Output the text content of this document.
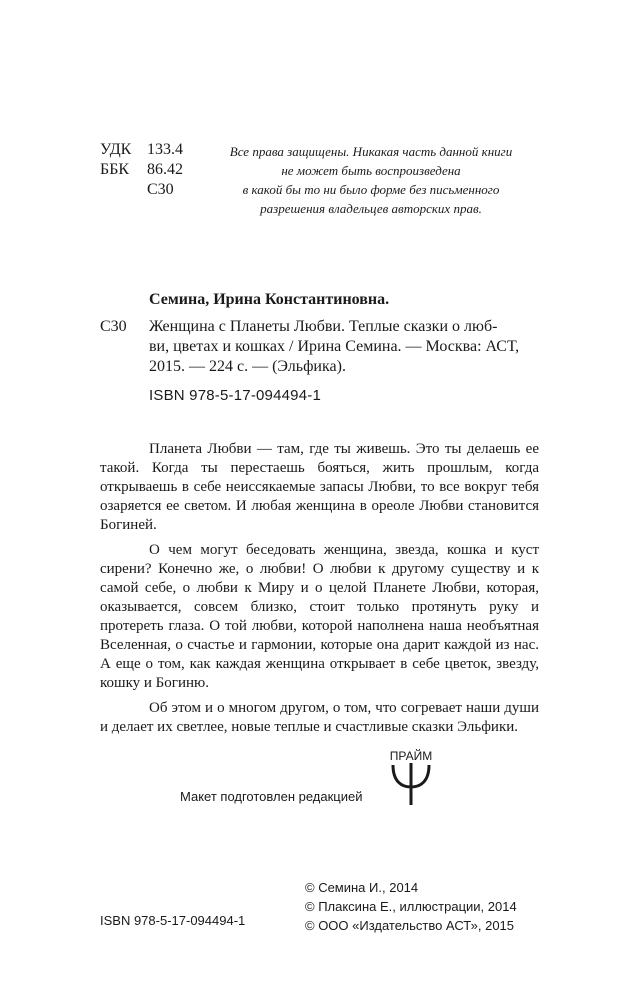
УДК 133.4
ББК	86.42
С30
Все права защищены. Никакая часть данной книги
не может быть воспроизведена
в какой бы то ни было форме без письменного
разрешения владельцев авторских прав.
Семина, Ирина Константиновна.
С30 Женщина с Планеты Любви. Теплые сказки о люб-
ви, цветах и кошках / Ирина Семина. — Москва: АСТ,
2015. — 224 с. — (Эльфика).
ISBN 978-5-17-094494-1

Планета Любви — там, где ты живешь. Это ты делаешь ее такой. Когда ты перестаешь бояться, жить прошлым, когда открываешь в себе неиссякаемые запасы Любви, то все вокруг тебя озаряется ее светом. И любая женщина в ореоле Любви становится Богиней.

О чем могут беседовать женщина, звезда, кошка и куст сирени? Конечно же, о любви! О любви к другому существу и к самой себе, о любви к Миру и о целой Планете Любви, которая, оказывается, совсем близко, стоит только протянуть руку и протереть глаза. О той любви, которой наполнена наша необъятная Вселенная, о счастье и гармонии, которые она дарит каждой из нас. А еще о том, как каждая женщина открывает в себе цветок, звезду, кошку и Богиню.

Об этом и о многом другом, о том, что согревает наши души и делает их светлее, новые теплые и счастливые сказки Эльфики.

Макет подготовлен редакцией
ПРАЙМ
© Семина И., 2014
© Плаксина Е., иллюстрации, 2014
© ООО «Издательство АСТ», 2015
ISBN 978-5-17-094494-1
